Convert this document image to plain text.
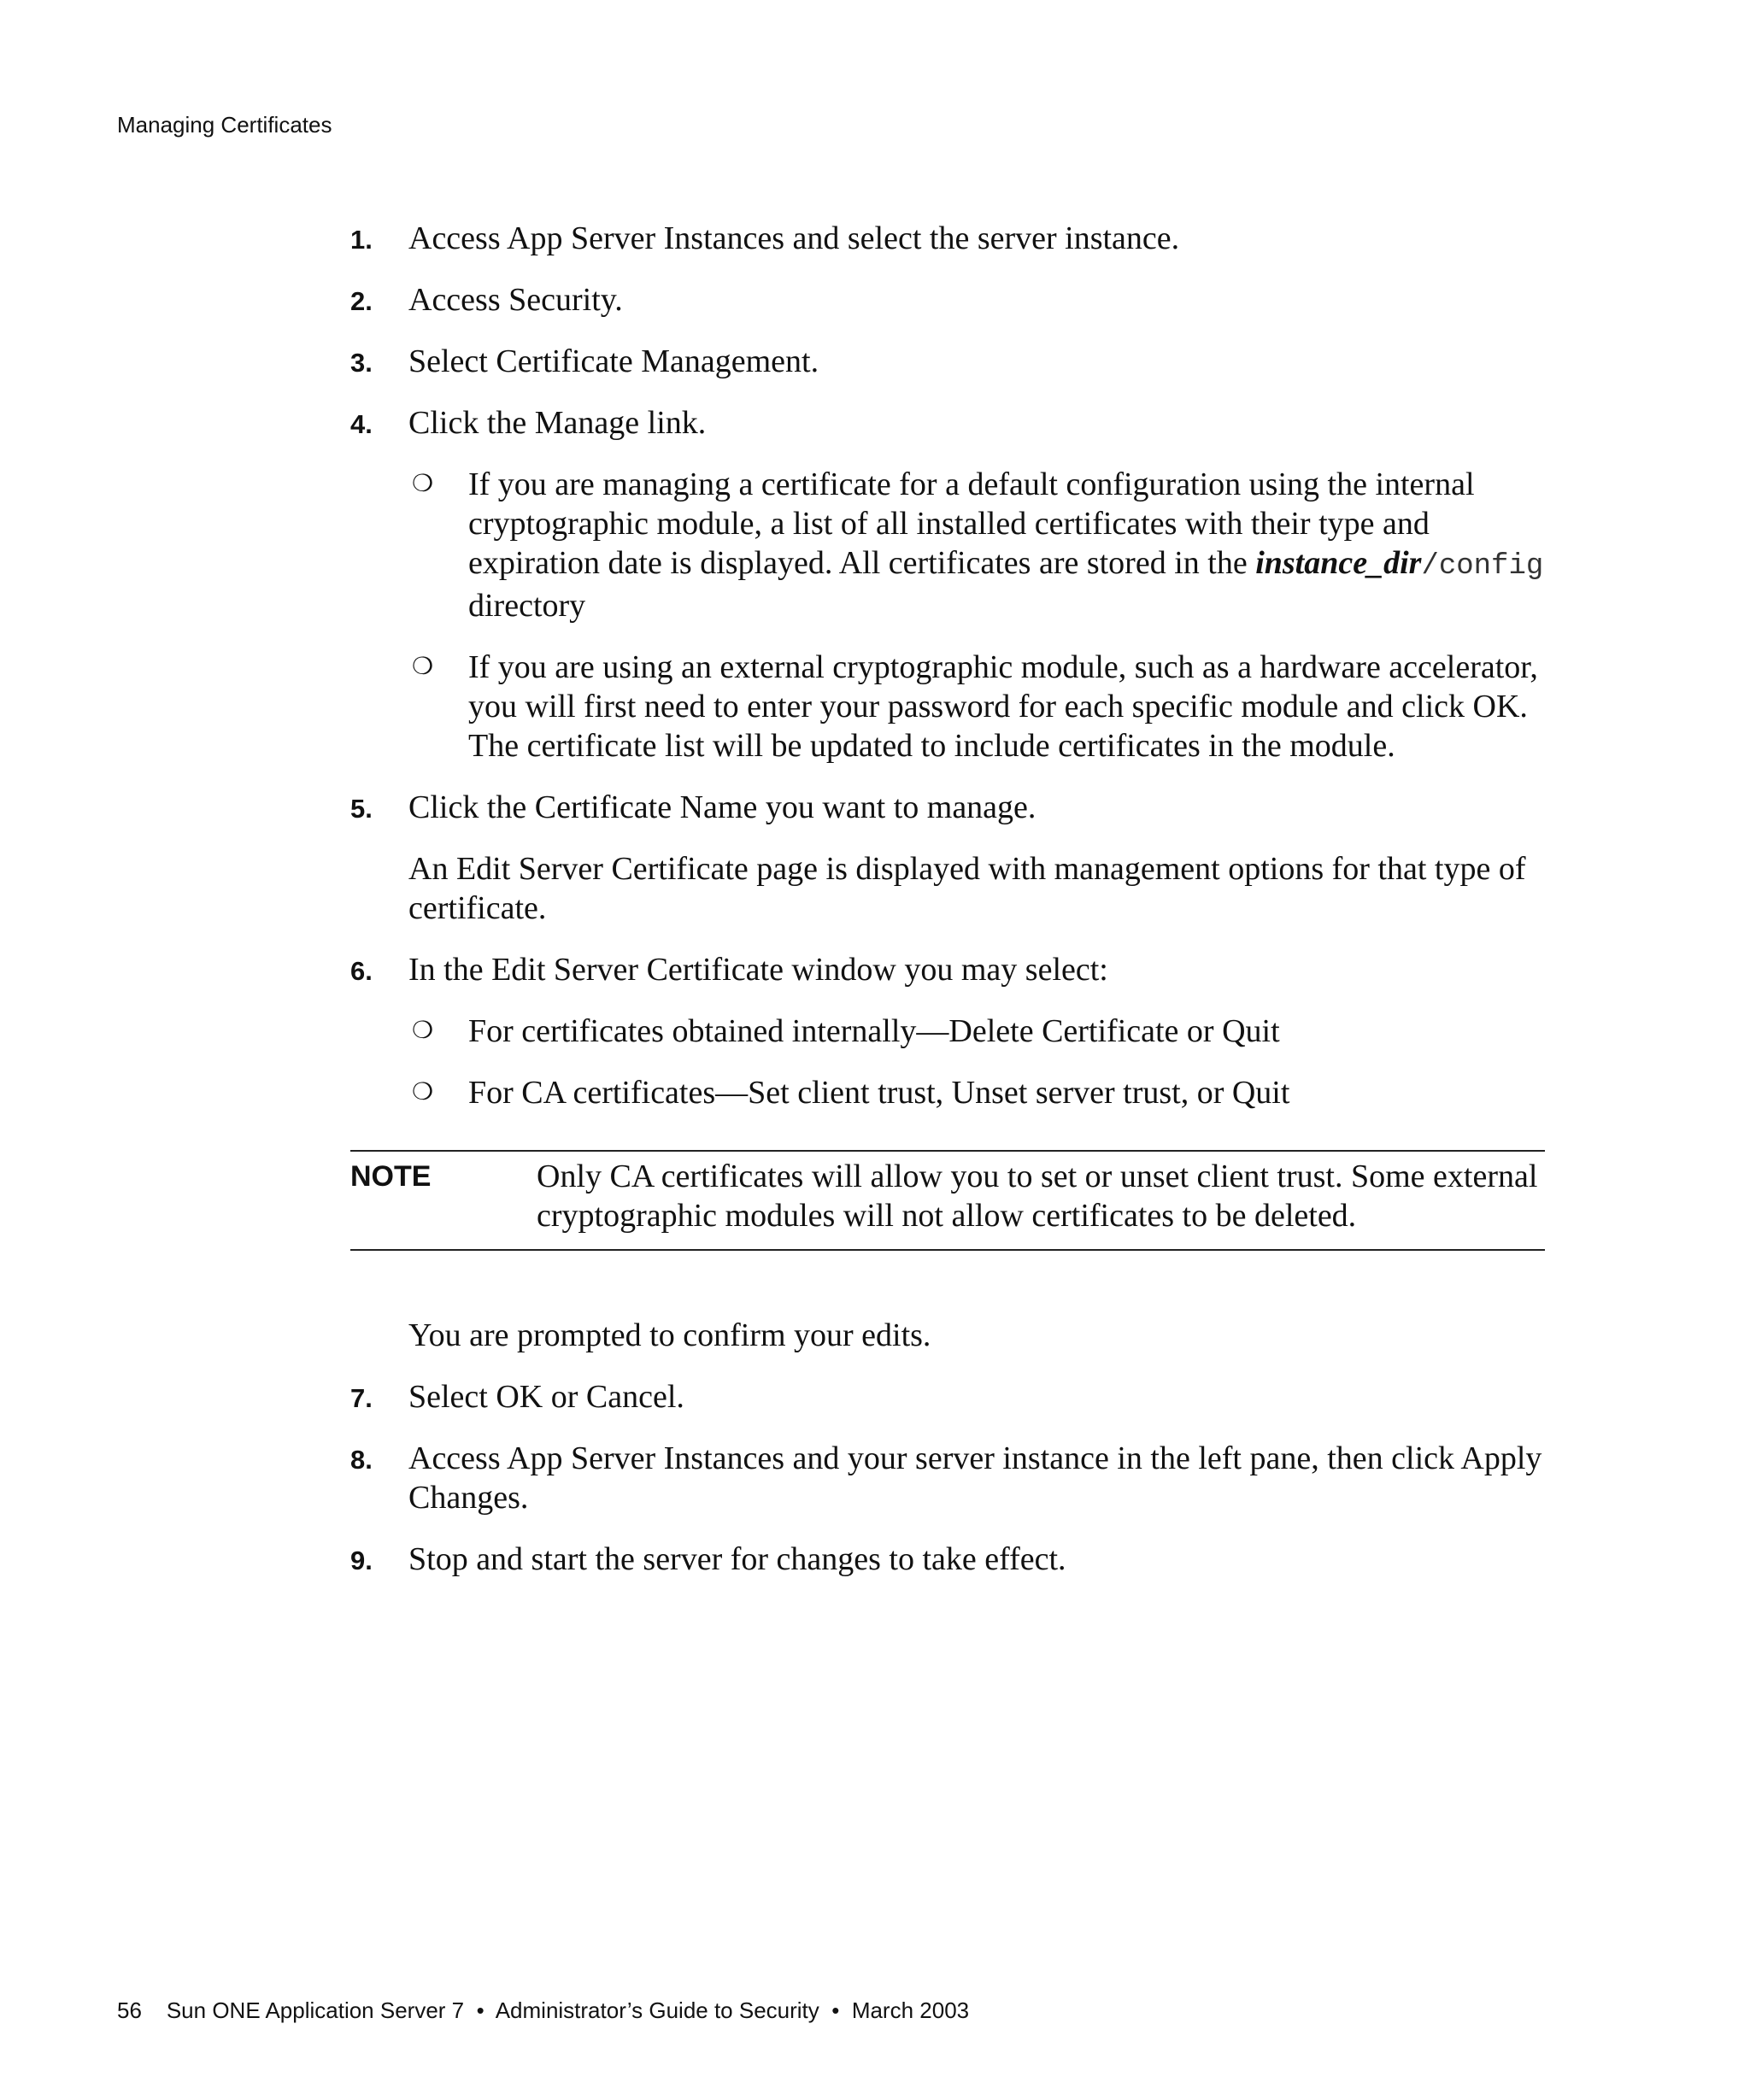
Managing Certificates
1. Access App Server Instances and select the server instance.
2. Access Security.
3. Select Certificate Management.
4. Click the Manage link.
❍ If you are managing a certificate for a default configuration using the internal cryptographic module, a list of all installed certificates with their type and expiration date is displayed. All certificates are stored in the instance_dir/config directory
❍ If you are using an external cryptographic module, such as a hardware accelerator, you will first need to enter your password for each specific module and click OK. The certificate list will be updated to include certificates in the module.
5. Click the Certificate Name you want to manage.
An Edit Server Certificate page is displayed with management options for that type of certificate.
6. In the Edit Server Certificate window you may select:
❍ For certificates obtained internally—Delete Certificate or Quit
❍ For CA certificates—Set client trust, Unset server trust, or Quit
NOTE	Only CA certificates will allow you to set or unset client trust. Some external cryptographic modules will not allow certificates to be deleted.
You are prompted to confirm your edits.
7. Select OK or Cancel.
8. Access App Server Instances and your server instance in the left pane, then click Apply Changes.
9. Stop and start the server for changes to take effect.
56 Sun ONE Application Server 7 • Administrator’s Guide to Security • March 2003
